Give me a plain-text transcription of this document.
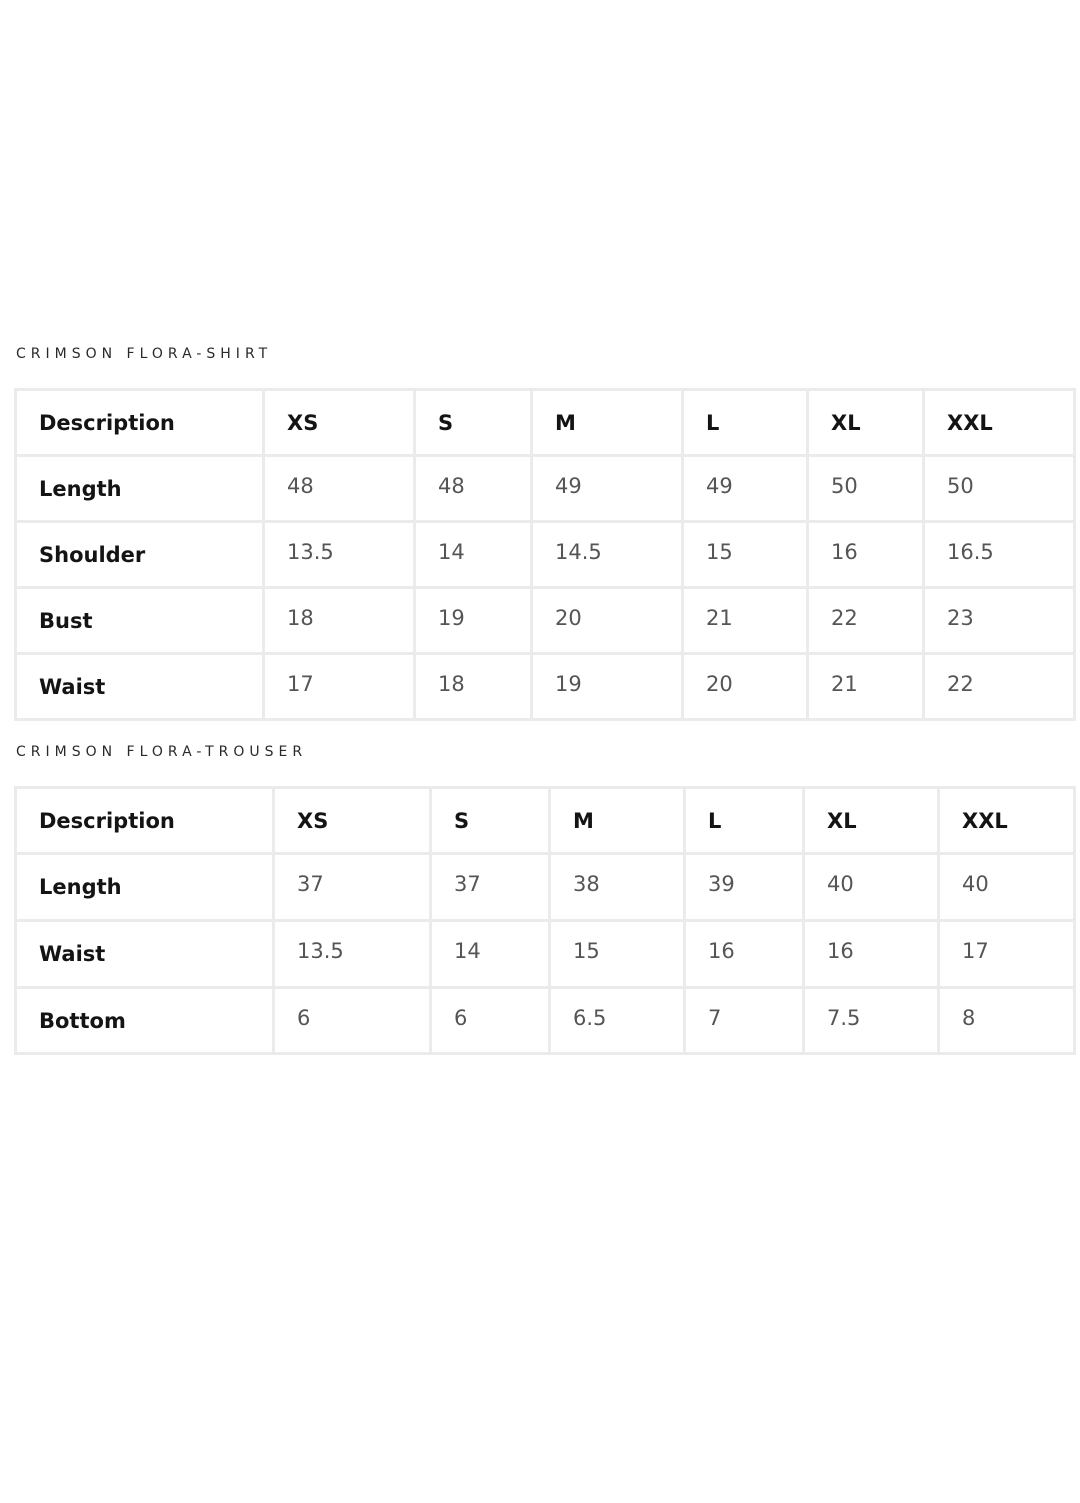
CRIMSON FLORA-SHIRT
Description	XS	S	M	L	XL	XXL
Length	48	48	49	49	50	50
Shoulder	13.5	14	14.5	15	16	16.5
Bust	18	19	20	21	22	23
Waist	17	18	19	20	21	22
CRIMSON FLORA-TROUSER
Description	XS	S	M	L	XL	XXL
Length	37	37	38	39	40	40
Waist	13.5	14	15	16	16	17
Bottom	6	6	6.5	7	7.5	8
